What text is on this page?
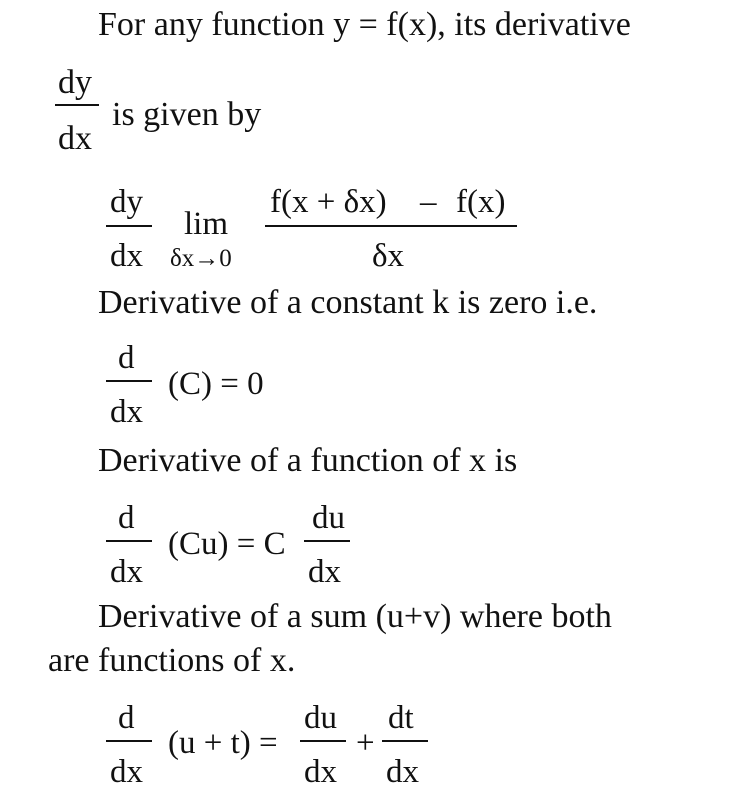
For any function y = f(x), its derivative
dy
dx
is given by
dy
dx
lim
δx→0
f(x + δx) – f(x)
δx
Derivative of a constant k is zero i.e.
d
dx
(C) = 0
Derivative of a function of x is
d
dx
(Cu) = C
du
dx
Derivative of a sum (u+v) where both
are functions of x.
d
dx
(u + t) =
du
dx
+
dt
dx
